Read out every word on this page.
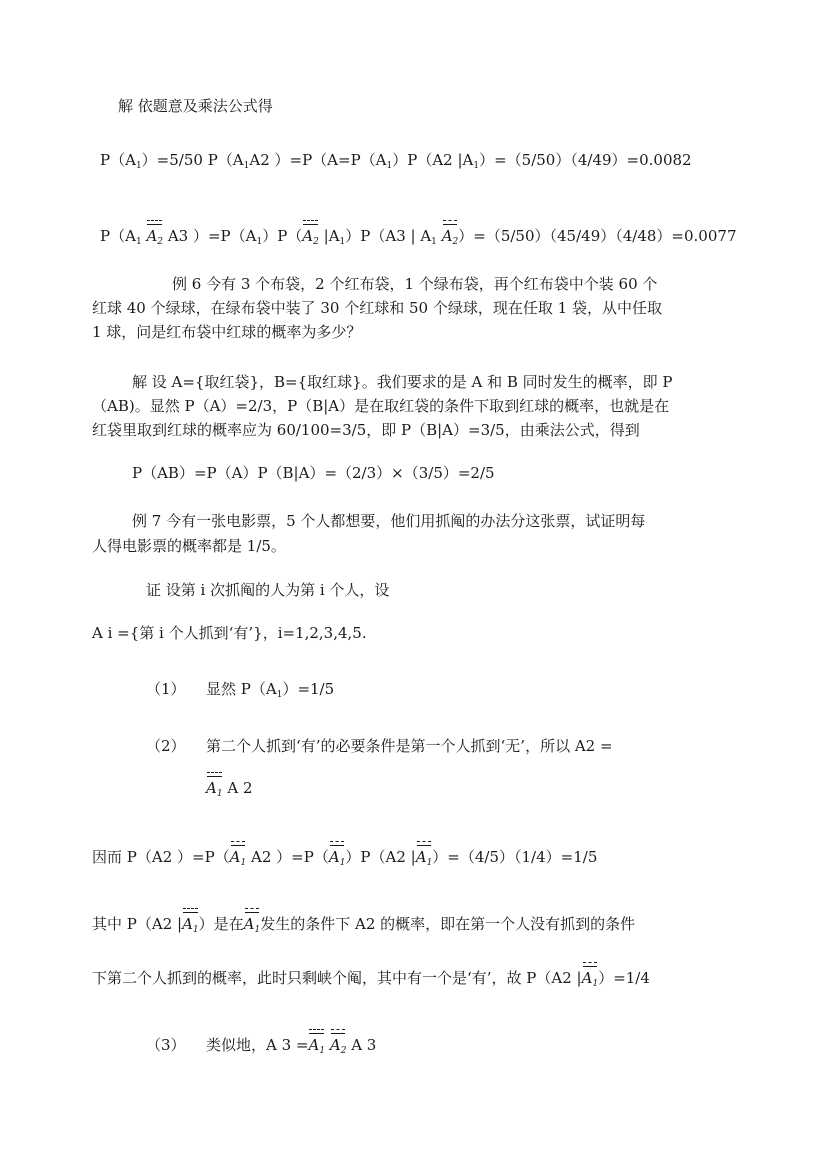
解 依题意及乘法公式得
$P(A_1)=5/50$ $P(A_1A2$ ）$=P(A=P(A_1)P(A2$ $|A_1)=(5/50)(4/49)=0.0082$
$P(A_1$ $A_2$ A3 ）$=P(A_1)P(A_2$ $|A_1)P(A3$ | $A_1$ $A_2)=(5/50)(45/49)(4/48)=0.0077$
例 6 今有 3 个布袋，2 个红布袋，1 个绿布袋，再个红布袋中个装 60 个
红球 40 个绿球，在绿布袋中装了 30 个红球和 50 个绿球，现在任取 1 袋，从中任取
1 球，问是红布袋中红球的概率为多少？
解 设 A={取红袋}，B={取红球}。我们要求的是 A 和 B 同时发生的概率，即 P
（AB)。显然 P（A）=2/3，P（B|A）是在取红袋的条件下取到红球的概率，也就是在
红袋里取到红球的概率应为 60/100=3/5，即 P（B|A）=3/5，由乘法公式，得到
P（AB）=P（A）P（B|A）=（2/3）×（3/5）=2/5
例 7 今有一张电影票，5 个人都想要，他们用抓阄的办法分这张票，试证明每
人得电影票的概率都是 1/5。
证 设第 i 次抓阄的人为第 i 个人，设
A i ={第 i 个人抓到‘有’}，i=1,2,3,4,5.
（1） 显然 $P(A_1)=1/5$
（2） 第二个人抓到‘有’的必要条件是第一个人抓到‘无’，所以 A2 =
$A_1$ A 2
因而 P（A2 ）$=P(A_1$ A2 ）$=P(A_1)P(A2$ $|A_1)=(4/5)(1/4)=1/5$
其中 P（A2 $|A_1$）是在$A_1$发生的条件下 A2 的概率，即在第一个人没有抓到的条件
下第二个人抓到的概率，此时只剩峡个阄，其中有一个是‘有’，故 P（A2 $|A_1)=1/4$
（3） 类似地，A $3 =A_1$ $A_2$ A 3
